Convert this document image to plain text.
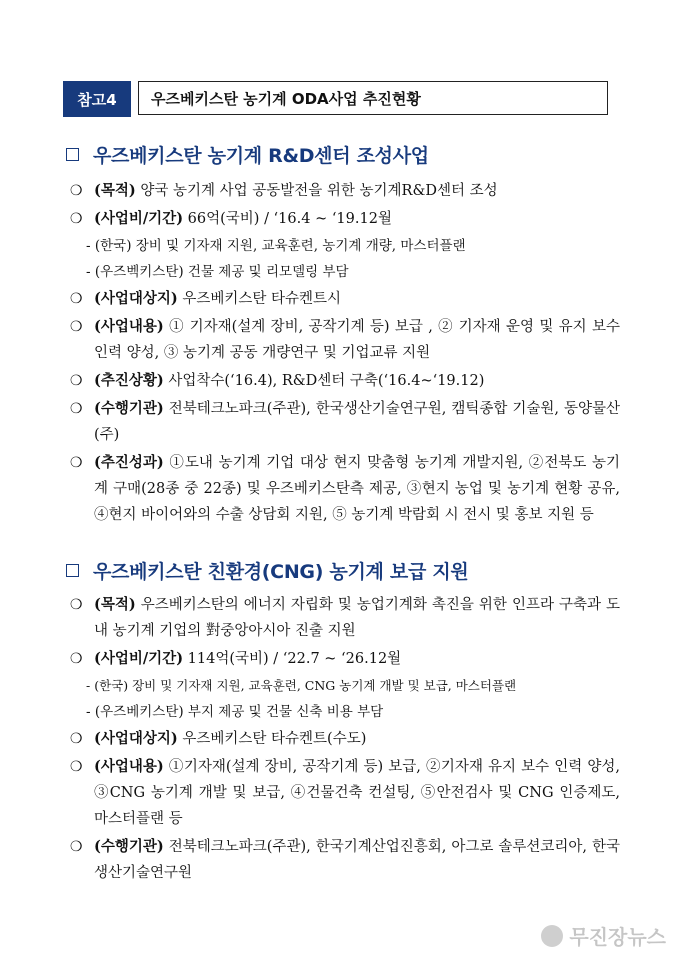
참고4	우즈베키스탄 농기계 ODA사업 추진현황
우즈베키스탄 농기계 R&D센터 조성사업
❍ (목적) 양국 농기계 사업 공동발전을 위한 농기계R&D센터 조성
❍ (사업비/기간) 66억(국비) / ‘16.4 ~ ‘19.12월
- (한국) 장비 및 기자재 지원, 교육훈련, 농기계 개량, 마스터플랜
- (우즈벡키스탄) 건물 제공 및 리모델링 부담
❍ (사업대상지) 우즈베키스탄 타슈켄트시
❍ (사업내용) ① 기자재(설계 장비, 공작기계 등) 보급 , ② 기자재 운영 및 유지 보수 인력 양성, ③ 농기계 공동 개량연구 및 기업교류 지원
❍ (추진상황) 사업착수(‘16.4), R&D센터 구축(‘16.4~‘19.12)
❍ (수행기관) 전북테크노파크(주관), 한국생산기술연구원, 캠틱종합 기술원, 동양물산(주)
❍ (추진성과) ①도내 농기계 기업 대상 현지 맞춤형 농기계 개발지원, ②전북도 농기계 구매(28종 중 22종) 및 우즈베키스탄측 제공, ③현지 농업 및 농기계 현황 공유, ④현지 바이어와의 수출 상담회 지원, ⑤ 농기계 박람회 시 전시 및 홍보 지원 등
우즈베키스탄 친환경(CNG) 농기계 보급 지원
❍ (목적) 우즈베키스탄의 에너지 자립화 및 농업기계화 촉진을 위한 인프라 구축과 도내 농기계 기업의 對중앙아시아 진출 지원
❍ (사업비/기간) 114억(국비) / ‘22.7 ~ ‘26.12월
- (한국) 장비 및 기자재 지원, 교육훈련, CNG 농기계 개발 및 보급, 마스터플랜
- (우즈베키스탄) 부지 제공 및 건물 신축 비용 부담
❍ (사업대상지) 우즈베키스탄 타슈켄트(수도)
❍ (사업내용) ①기자재(설계 장비, 공작기계 등) 보급, ②기자재 유지 보수 인력 양성, ③CNG 농기계 개발 및 보급, ④건물건축 컨설팅, ⑤안전검사 및 CNG 인증제도, 마스터플랜 등
❍ (수행기관) 전북테크노파크(주관), 한국기계산업진흥회, 아그로 솔루션코리아, 한국생산기술연구원
무진장뉴스
